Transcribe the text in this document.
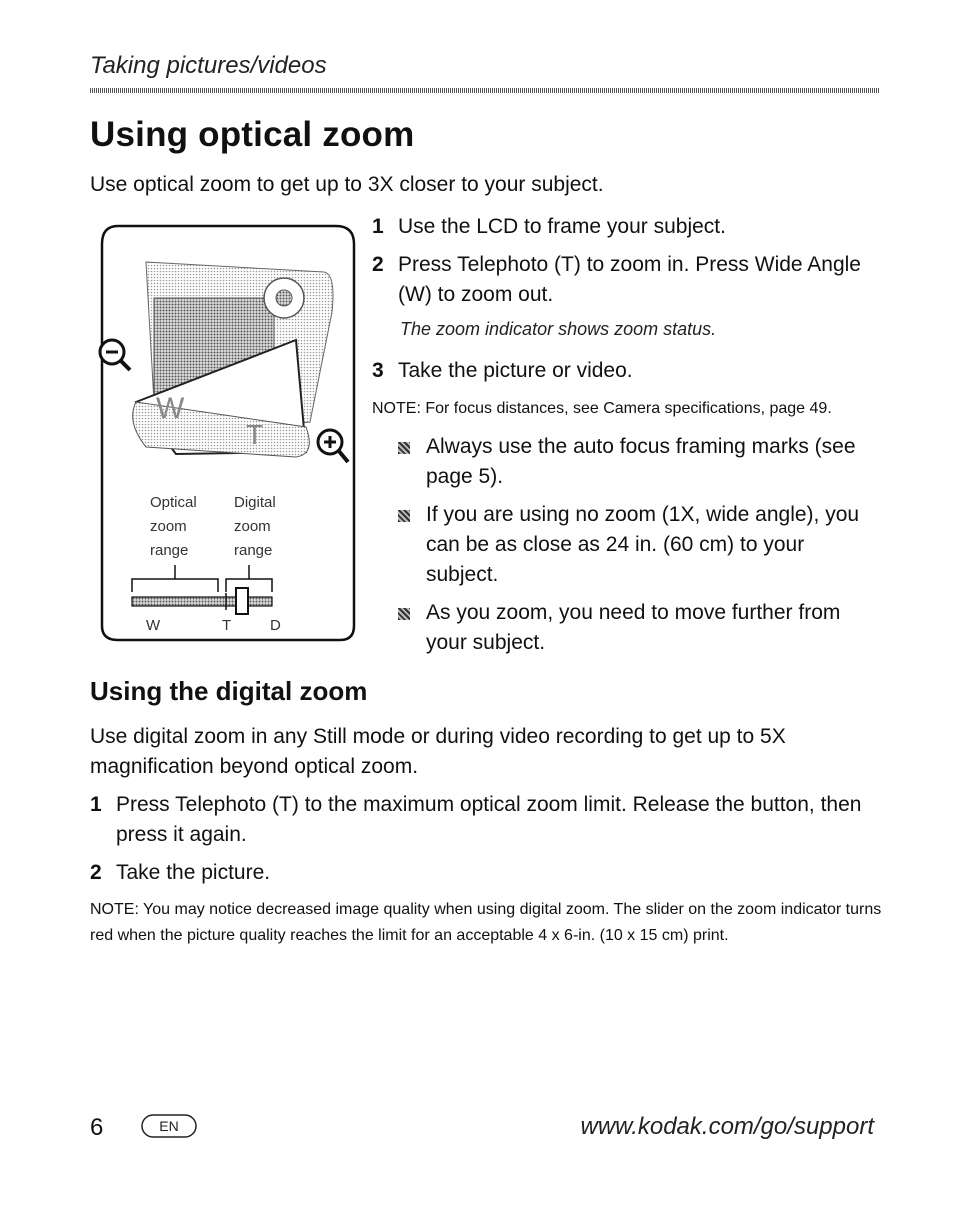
Taking pictures/videos
Using optical zoom
Use optical zoom to get up to 3X closer to your subject.
W
T
Optical zoom range
Digital zoom range
W	T	D
1 Use the LCD to frame your subject.
2 Press Telephoto (T) to zoom in. Press Wide Angle (W) to zoom out.
The zoom indicator shows zoom status.
3 Take the picture or video.
NOTE: For focus distances, see Camera specifications, page 49.
Always use the auto focus framing marks (see page 5).
If you are using no zoom (1X, wide angle), you can be as close as 24 in. (60 cm) to your subject.
As you zoom, you need to move further from your subject.
Using the digital zoom
Use digital zoom in any Still mode or during video recording to get up to 5X magnification beyond optical zoom.
1 Press Telephoto (T) to the maximum optical zoom limit. Release the button, then press it again.
2 Take the picture.
NOTE: You may notice decreased image quality when using digital zoom. The slider on the zoom indicator turns red when the picture quality reaches the limit for an acceptable 4 x 6-in. (10 x 15 cm) print.
6	EN	www.kodak.com/go/support
